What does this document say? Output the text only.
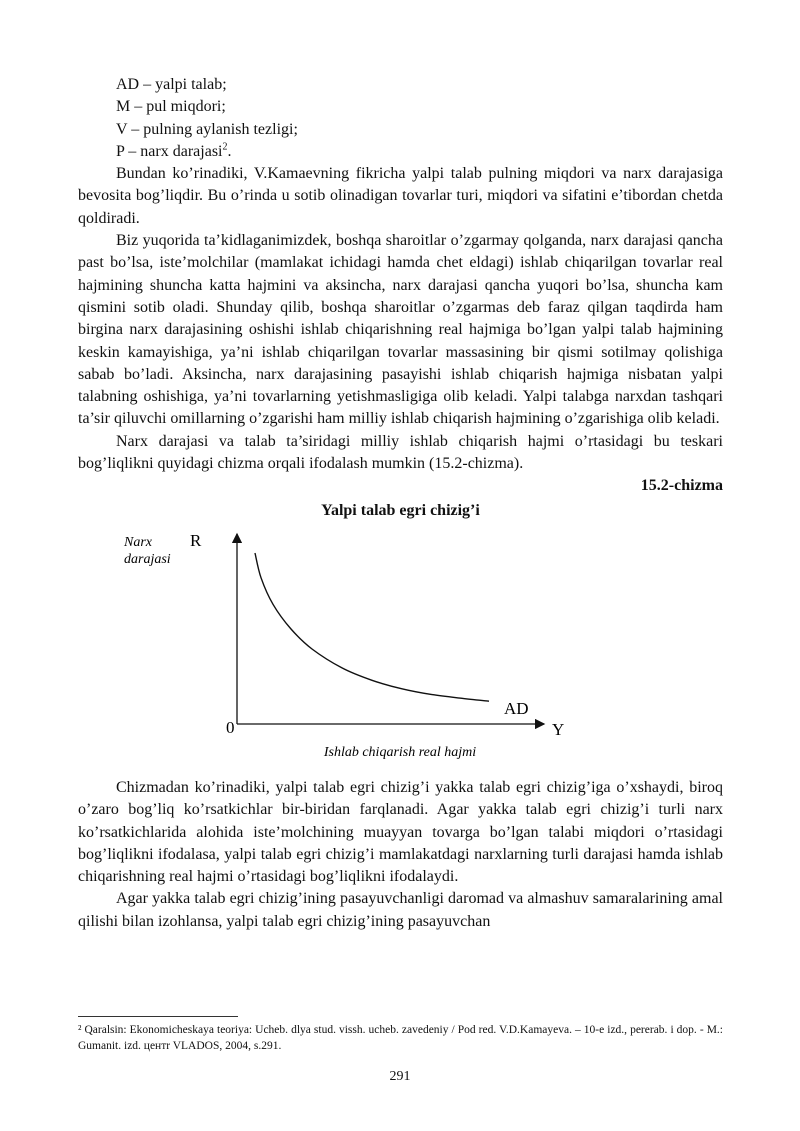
AD – yalpi talab;
M – pul miqdori;
V – pulning aylanish tezligi;
P – narx darajasi$^2$.

Bundan ko’rinadiki, V.Kamaevning fikricha yalpi talab pulning miqdori va narx darajasiga bevosita bog’liqdir. Bu o’rinda u sotib olinadigan tovarlar turi, miqdori va sifatini e’tibordan chetda qoldiradi.

Biz yuqorida ta’kidlaganimizdek, boshqa sharoitlar o’zgarmay qolganda, narx darajasi qancha past bo’lsa, iste’molchilar (mamlakat ichidagi hamda chet eldagi) ishlab chiqarilgan tovarlar real hajmining shuncha katta hajmini va aksincha, narx darajasi qancha yuqori bo’lsa, shuncha kam qismini sotib oladi. Shunday qilib, boshqa sharoitlar o’zgarmas deb faraz qilgan taqdirda ham birgina narx darajasining oshishi ishlab chiqarishning real hajmiga bo’lgan yalpi talab hajmining keskin kamayishiga, ya’ni ishlab chiqarilgan tovarlar massasining bir qismi sotilmay qolishiga sabab bo’ladi. Aksincha, narx darajasining pasayishi ishlab chiqarish hajmiga nisbatan yalpi talabning oshishiga, ya’ni tovarlarning yetishmasligiga olib keladi. Yalpi talabga narxdan tashqari ta’sir qiluvchi omillarning o’zgarishi ham milliy ishlab chiqarish hajmining o’zgarishiga olib keladi.

Narx darajasi va talab ta’siridagi milliy ishlab chiqarish hajmi o’rtasidagi bu teskari bog’liqlikni quyidagi chizma orqali ifodalash mumkin (15.2-chizma).

15.2-chizma
Yalpi talab egri chizig’i
Narx
darajasi
R
0	Y
AD
Ishlab chiqarish real hajmi

Chizmadan ko’rinadiki, yalpi talab egri chizig’i yakka talab egri chizig’iga o’xshaydi, biroq o’zaro bog’liq ko’rsatkichlar bir-biridan farqlanadi. Agar yakka talab egri chizig’i turli narx ko’rsatkichlarida alohida iste’molchining muayyan tovarga bo’lgan talabi miqdori o’rtasidagi bog’liqlikni ifodalasa, yalpi talab egri chizig’i mamlakatdagi narxlarning turli darajasi hamda ishlab chiqarishning real hajmi o’rtasidagi bog’liqlikni ifodalaydi.

Agar yakka talab egri chizig’ining pasayuvchanligi daromad va almashuv samaralarining amal qilishi bilan izohlansa, yalpi talab egri chizig’ining pasayuvchan

² Qaralsin: Ekonomicheskaya teoriya: Ucheb. dlya stud. vissh. ucheb. zavedeniy / Pod red. V.D.Kamayeva. – 10-e izd., pererab. i dop. - M.: Gumanit. izd. центr VLADOS, 2004, s.291.
291
